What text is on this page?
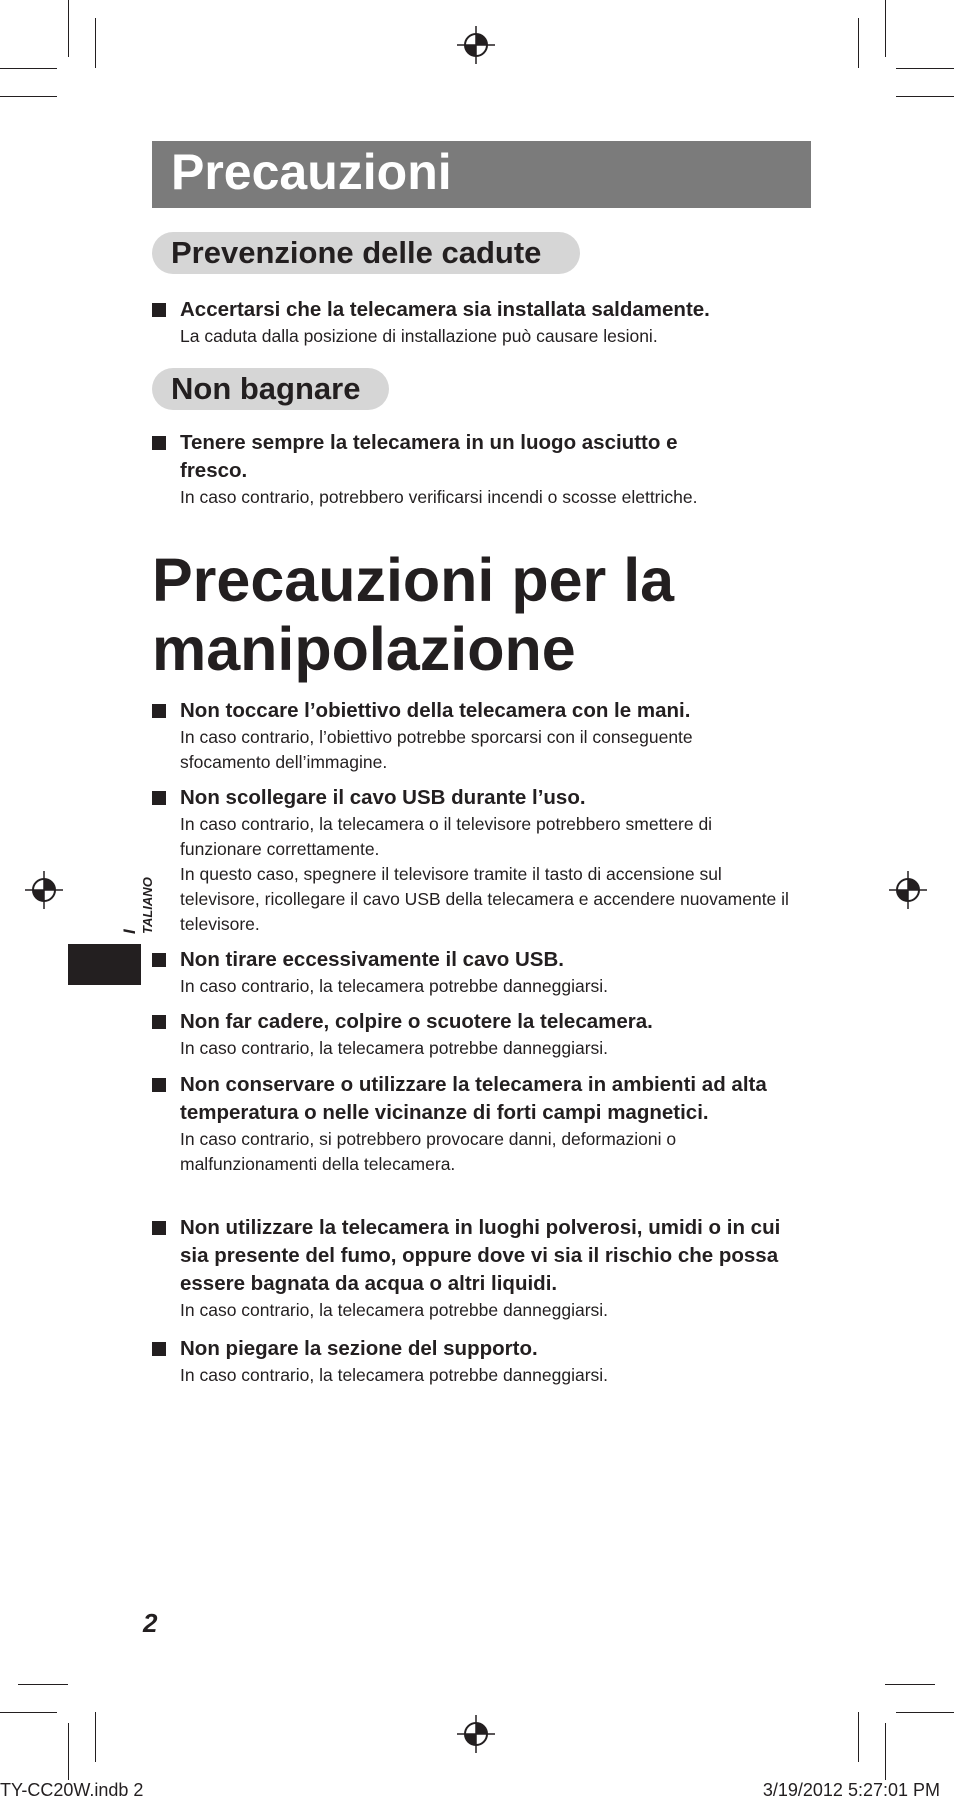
Precauzioni
Prevenzione delle cadute
Accertarsi che la telecamera sia installata saldamente.
La caduta dalla posizione di installazione può causare lesioni.
Non bagnare
Tenere sempre la telecamera in un luogo asciutto e fresco.
In caso contrario, potrebbero verificarsi incendi o scosse elettriche.
Precauzioni per la
manipolazione
Non toccare l’obiettivo della telecamera con le mani.
In caso contrario, l’obiettivo potrebbe sporcarsi con il conseguente sfocamento dell’immagine.
Non scollegare il cavo USB durante l’uso.
In caso contrario, la telecamera o il televisore potrebbero smettere di funzionare correttamente.
In questo caso, spegnere il televisore tramite il tasto di accensione sul televisore, ricollegare il cavo USB della telecamera e accendere nuovamente il televisore.
Non tirare eccessivamente il cavo USB.
In caso contrario, la telecamera potrebbe danneggiarsi.
Non far cadere, colpire o scuotere la telecamera.
In caso contrario, la telecamera potrebbe danneggiarsi.
Non conservare o utilizzare la telecamera in ambienti ad alta temperatura o nelle vicinanze di forti campi magnetici.
In caso contrario, si potrebbero provocare danni, deformazioni o malfunzionamenti della telecamera.
Non utilizzare la telecamera in luoghi polverosi, umidi o in cui sia presente del fumo, oppure dove vi sia il rischio che possa essere bagnata da acqua o altri liquidi.
In caso contrario, la telecamera potrebbe danneggiarsi.
Non piegare la sezione del supporto.
In caso contrario, la telecamera potrebbe danneggiarsi.
I TALIANO
2
TY-CC20W.indb 2	3/19/2012 5:27:01 PM
